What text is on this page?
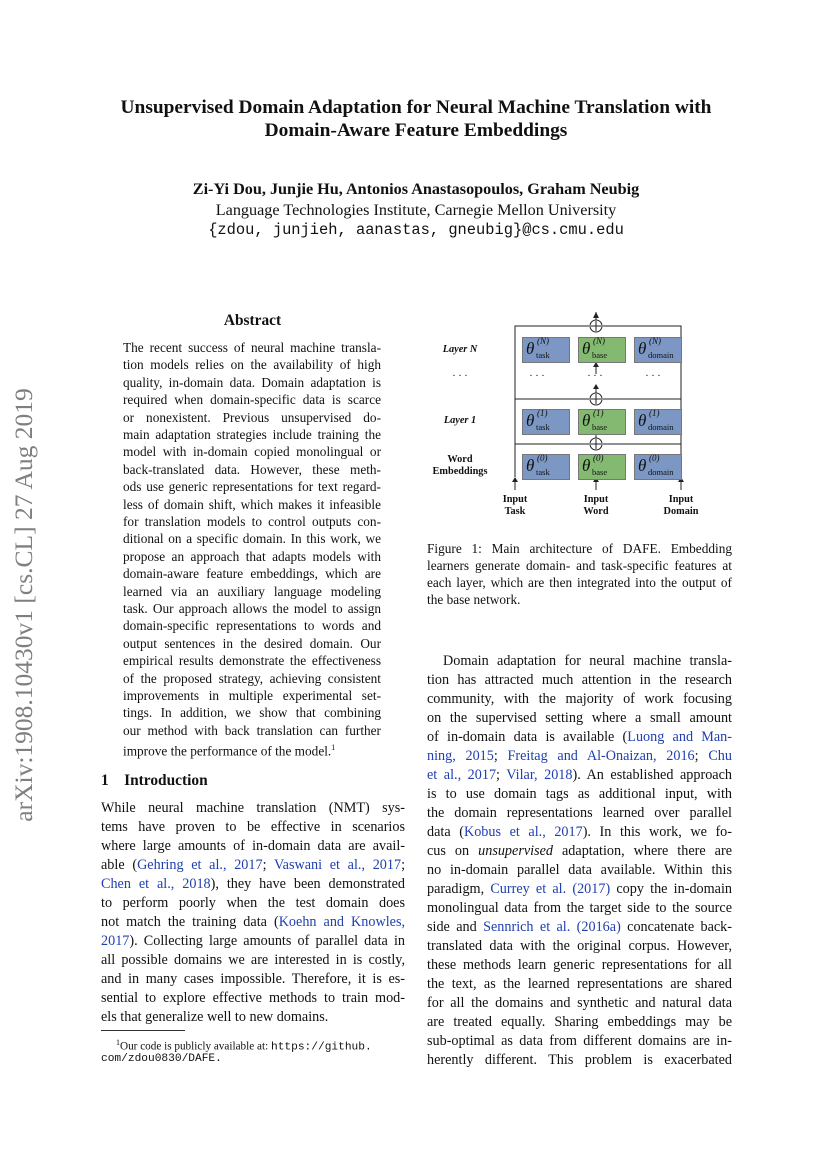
arXiv:1908.10430v1 [cs.CL] 27 Aug 2019
Unsupervised Domain Adaptation for Neural Machine Translation with
Domain-Aware Feature Embeddings
Zi-Yi Dou, Junjie Hu, Antonios Anastasopoulos, Graham Neubig
Language Technologies Institute, Carnegie Mellon University
{zdou, junjieh, aanastas, gneubig}@cs.cmu.edu
Abstract
The recent success of neural machine transla-
tion models relies on the availability of high
quality, in-domain data. Domain adaptation is
required when domain-specific data is scarce
or nonexistent. Previous unsupervised do-
main adaptation strategies include training the
model with in-domain copied monolingual or
back-translated data. However, these meth-
ods use generic representations for text regard-
less of domain shift, which makes it infeasible
for translation models to control outputs con-
ditional on a specific domain. In this work, we
propose an approach that adapts models with
domain-aware feature embeddings, which are
learned via an auxiliary language modeling
task. Our approach allows the model to assign
domain-specific representations to words and
output sentences in the desired domain. Our
empirical results demonstrate the effectiveness
of the proposed strategy, achieving consistent
improvements in multiple experimental set-
tings. In addition, we show that combining
our method with back translation can further
improve the performance of the model.$^1$
1 Introduction
While neural machine translation (NMT) sys-
tems have proven to be effective in scenarios
where large amounts of in-domain data are avail-
able (Gehring et al., 2017; Vaswani et al., 2017;
Chen et al., 2018), they have been demonstrated
to perform poorly when the test domain does
not match the training data (Koehn and Knowles,
2017). Collecting large amounts of parallel data in
all possible domains we are interested in is costly,
and in many cases impossible. Therefore, it is es-
sential to explore effective methods to train mod-
els that generalize well to new domains.
$^1$Our code is publicly available at: https://github.
com/zdou0830/DAFE.
Layer N
· · ·
Layer 1
Word
Embeddings
· · ·	· · ·	· · ·
θ (N)
task θ (N)
base θ (N)
domain
θ (1)
task θ (1)
base θ (1)
domain
θ (0)
task θ (0)
base θ (0)
domain
Input
Task
Input
Word
Input
Domain
Figure 1: Main architecture of DAFE. Embedding
learners generate domain- and task-specific features at
each layer, which are then integrated into the output of
the base network.
Domain adaptation for neural machine transla-
tion has attracted much attention in the research
community, with the majority of work focusing
on the supervised setting where a small amount
of in-domain data is available (Luong and Man-
ning, 2015; Freitag and Al-Onaizan, 2016; Chu
et al., 2017; Vilar, 2018). An established approach
is to use domain tags as additional input, with
the domain representations learned over parallel
data (Kobus et al., 2017). In this work, we fo-
cus on unsupervised adaptation, where there are
no in-domain parallel data available. Within this
paradigm, Currey et al. (2017) copy the in-domain
monolingual data from the target side to the source
side and Sennrich et al. (2016a) concatenate back-
translated data with the original corpus. However,
these methods learn generic representations for all
the text, as the learned representations are shared
for all the domains and synthetic and natural data
are treated equally. Sharing embeddings may be
sub-optimal as data from different domains are in-
herently different. This problem is exacerbated
